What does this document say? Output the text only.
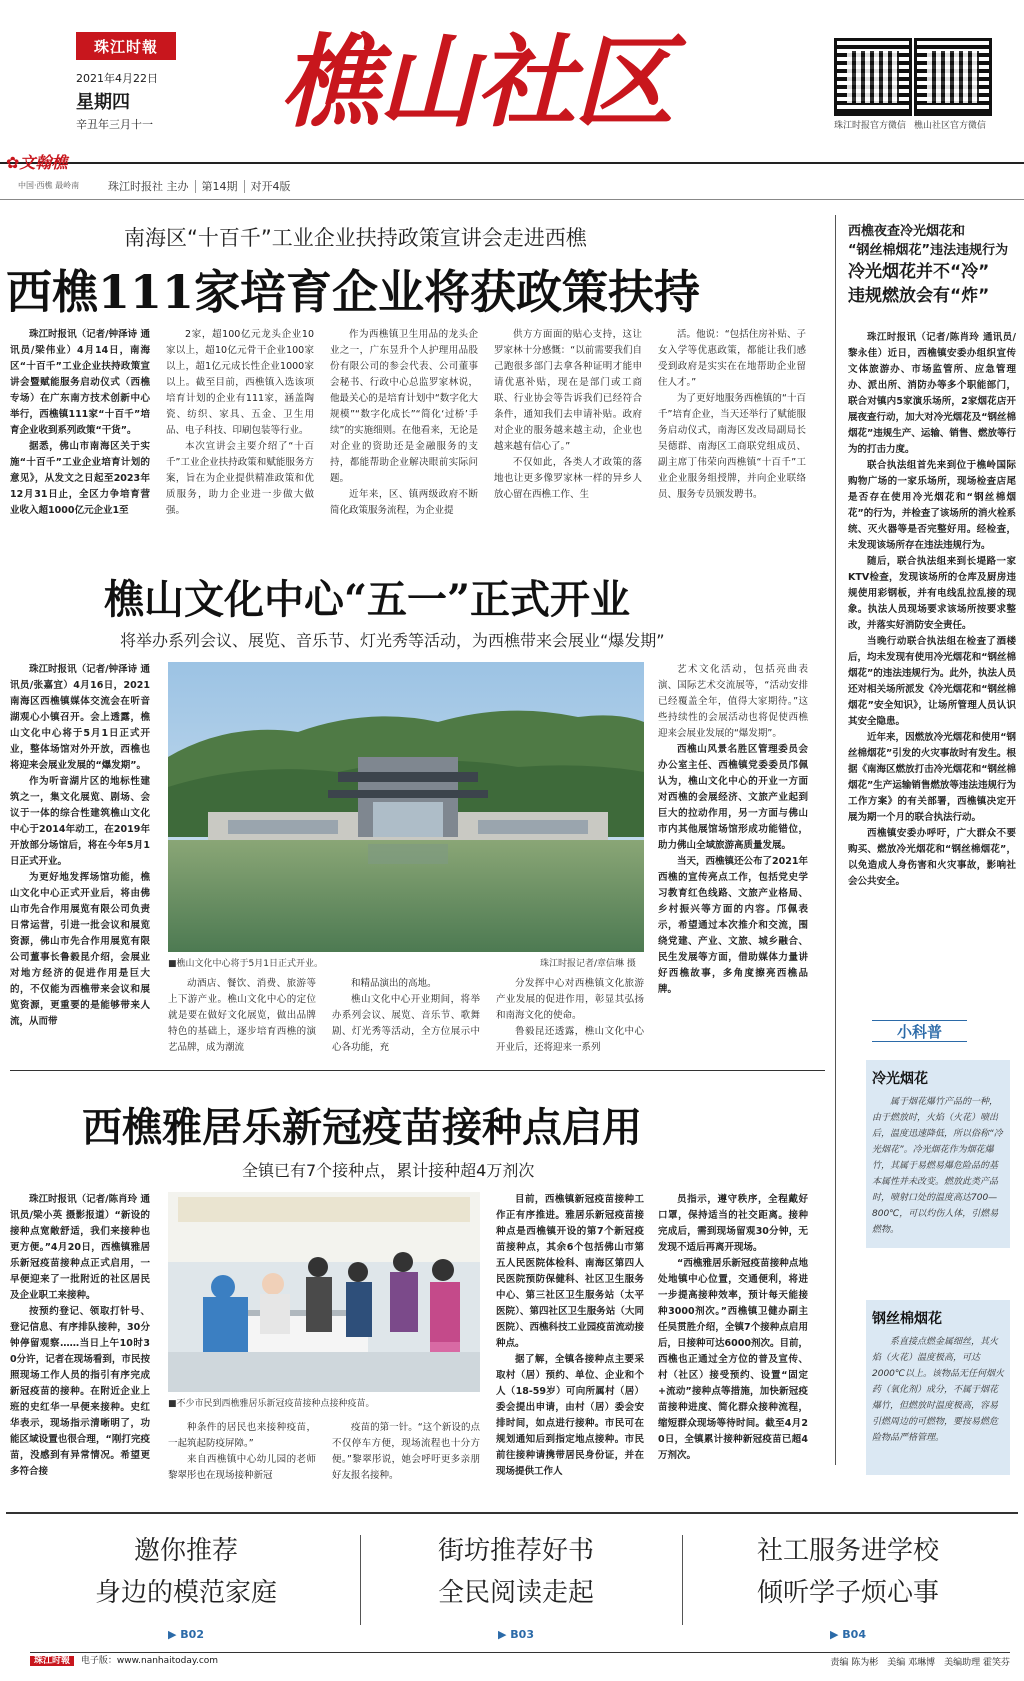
珠江时報
2021年4月22日
星期四
辛丑年三月十一 樵山社区	珠江时报官方微信 樵山社区官方微信
✿文翰樵
中国·西樵 最岭南	珠江时报社 主办 第14期 对开4版
南海区“十百千”工业企业扶持政策宣讲会走进西樵
西樵111家培育企业将获政策扶持

珠江时报讯（记者/钟泽诗 通讯员/梁伟业）4月14日，南海区“十百千”工业企业扶持政策宣讲会暨赋能服务启动仪式（西樵专场）在广东南方技术创新中心举行，西樵镇111家“十百千”培育企业收到系列政策“干货”。

据悉，佛山市南海区关于实施“十百千”工业企业培育计划的意见》，从发文之日起至2023年12月31日止，全区力争培育营业收入超1000亿元企业1至

2家，超100亿元龙头企业10家以上，超10亿元骨干企业100家以上，超1亿元成长性企业1000家以上。截至目前，西樵镇入选该项培育计划的企业有111家，涵盖陶瓷、纺织、家具、五金、卫生用品、电子科技、印刷包装等行业。

本次宣讲会主要介绍了“十百千”工业企业扶持政策和赋能服务方案，旨在为企业提供精准政策和优质服务，助力企业进一步做大做强。

作为西樵镇卫生用品的龙头企业之一，广东昱升个人护理用品股份有限公司的参会代表、公司董事会秘书、行政中心总监罗家林说，他最关心的是培育计划中“数字化大规模”“数字化成长”“简化‘过桥’手续”的实施细则。在他看来，无论是对企业的资助还是金融服务的支持，都能帮助企业解决眼前实际问题。

近年来，区、镇两级政府不断简化政策服务流程，为企业提

供方方面面的贴心支持，这让罗家林十分感慨：“以前需要我们自己跑很多部门去拿各种证明才能申请优惠补贴，现在是部门或工商联、行业协会等告诉我们已经符合条件，通知我们去申请补贴。政府对企业的服务越来越主动，企业也越来越有信心了。”

不仅如此，各类人才政策的落地也让更多像罗家林一样的异乡人放心留在西樵工作、生

活。他说：“包括住房补贴、子女入学等优惠政策，都能让我们感受到政府是实实在在地帮助企业留住人才。”

为了更好地服务西樵镇的“十百千”培育企业，当天还举行了赋能服务启动仪式，南海区发改局副局长吴德群、南海区工商联党组成员、副主席丁伟荣向西樵镇“十百千”工业企业服务组授牌，并向企业联络员、服务专员颁发聘书。

西樵夜查冷光烟花和
“钢丝棉烟花”违法违规行为
冷光烟花并不“冷”
违规燃放会有“炸”

珠江时报讯（记者/陈肖玲 通讯员/黎永佳）近日，西樵镇安委办组织宣传文体旅游办、市场监管所、应急管理办、派出所、消防办等多个职能部门，联合对镇内5家演乐场所，2家烟花店开展夜查行动，加大对冷光烟花及“钢丝棉烟花”违规生产、运输、销售、燃放等行为的打击力度。

联合执法组首先来到位于樵岭国际购物广场的一家乐场所，现场检查店尾是否存在使用冷光烟花和“钢丝棉烟花”的行为，并检查了该场所的消火栓系统、灭火器等是否完整好用。经检查，未发现该场所存在违法违规行为。

随后，联合执法组来到长堤路一家KTV检查，发现该场所的仓库及厨房违规使用彩钢板，并有电线乱拉乱接的现象。执法人员现场要求该场所按要求整改，并落实好消防安全责任。

当晚行动联合执法组在检查了酒楼后，均未发现有使用冷光烟花和“钢丝棉烟花”的违法违规行为。此外，执法人员还对相关场所派发《冷光烟花和“钢丝棉烟花”安全知识》，让场所管理人员认识其安全隐患。

近年来，因燃放冷光烟花和使用“钢丝棉烟花”引发的火灾事故时有发生。根据《南海区燃放打击冷光烟花和“钢丝棉烟花”生产运输销售燃放等违法违规行为工作方案》的有关部署，西樵镇决定开展为期一个月的联合执法行动。

西樵镇安委办呼吁，广大群众不要购买、燃放冷光烟花和“钢丝棉烟花”，以免造成人身伤害和火灾事故，影响社会公共安全。

小科普
冷光烟花
属于烟花爆竹产品的一种，由于燃放时，火焰（火花）喷出后，温度迅速降低，所以俗称“冷光烟花”。冷光烟花作为烟花爆竹，其属于易燃易爆危险品的基本属性并未改变。燃放此类产品时，喷射口处的温度高达700—800℃，可以灼伤人体，引燃易燃物。
钢丝棉烟花
系直接点燃金属细丝，其火焰（火花）温度极高，可达2000℃以上。该物品无任何烟火药（氧化剂）成分，不属于烟花爆竹，但燃放时温度极高，容易引燃周边的可燃物，要按易燃危险物品严格管理。
樵山文化中心“五一”正式开业
将举办系列会议、展览、音乐节、灯光秀等活动，为西樵带来会展业“爆发期”

珠江时报讯（记者/钟泽诗 通讯员/张嘉宜）4月16日，2021南海区西樵镇媒体交流会在听音湖观心小镇召开。会上透露，樵山文化中心将于5月1日正式开业，整体场馆对外开放，西樵也将迎来会展业发展的“爆发期”。

作为听音湖片区的地标性建筑之一，集文化展览、剧场、会议于一体的综合性建筑樵山文化中心于2014年动工，在2019年开放部分场馆后，将在今年5月1日正式开业。

为更好地发挥场馆功能，樵山文化中心正式开业后，将由佛山市先合作用展览有限公司负责日常运营，引进一批会议和展览资源，佛山市先合作用展览有限公司董事长鲁毅昆介绍，会展业对地方经济的促进作用是巨大的，不仅能为西樵带来会议和展览资源，更重要的是能够带来人流，从而带

■樵山文化中心将于5月1日正式开业。	珠江时报记者/章信琳 摄

动酒店、餐饮、消费、旅游等上下游产业。樵山文化中心的定位就是要在做好文化展览，做出品牌特色的基础上，逐步培育西樵的演艺品牌，成为潮流

和精品演出的高地。

樵山文化中心开业期间，将举办系列会议、展览、音乐节、歌舞剧、灯光秀等活动，全方位展示中心各功能，充

分发挥中心对西樵镇文化旅游产业发展的促进作用，彰显其弘扬和南海文化的使命。

鲁毅昆还透露，樵山文化中心开业后，还将迎来一系列

艺术文化活动，包括亮曲表演、国际艺术交流展等，“活动安排已经覆盖全年，值得大家期待。”这些持续性的会展活动也将促使西樵迎来会展业发展的“爆发期”。

西樵山风景名胜区管理委员会办公室主任、西樵镇党委委员邝佩认为，樵山文化中心的开业一方面对西樵的会展经济、文旅产业起到巨大的拉动作用，另一方面与佛山市内其他展馆场馆形成功能错位，助力佛山全域旅游高质量发展。

当天，西樵镇还公布了2021年西樵的宣传亮点工作，包括党史学习教育红色线路、文旅产业格局、乡村振兴等方面的内容。邝佩表示，希望通过本次推介和交流，围绕党建、产业、文旅、城乡融合、民生发展等方面，借助媒体力量讲好西樵故事，多角度擦亮西樵品牌。

西樵雅居乐新冠疫苗接种点启用
全镇已有7个接种点，累计接种超4万剂次

珠江时报讯（记者/陈肖玲 通讯员/梁小英 摄影报道）“新设的接种点宽敞舒适，我们来接种也更方便。”4月20日，西樵镇雅居乐新冠疫苗接种点正式启用，一早便迎来了一批附近的社区居民及企业职工来接种。

按预约登记、领取打针号、登记信息、有序排队接种，30分钟停留观察……当日上午10时30分许，记者在现场看到，市民按照现场工作人员的指引有序完成新冠疫苗的接种。在附近企业上班的史红华一早便来接种。史红华表示，现场指示清晰明了，功能区域设置也很合理，“刚打完疫苗，没感到有异常情况。希望更多符合接

■不少市民到西樵雅居乐新冠疫苗接种点接种疫苗。

种条件的居民也来接种疫苗，一起筑起防疫屏障。”

来自西樵镇中心幼儿园的老师黎翠彤也在现场接种新冠

疫苗的第一针。“这个新设的点不仅停车方便，现场流程也十分方便。”黎翠彤说，她会呼吁更多亲朋好友报名接种。

目前，西樵镇新冠疫苗接种工作正有序推进。雅居乐新冠疫苗接种点是西樵镇开设的第7个新冠疫苗接种点，其余6个包括佛山市第五人民医院体检科、南海区第四人民医院预防保健科、社区卫生服务中心、第三社区卫生服务站（太平医院）、第四社区卫生服务站（大同医院）、西樵科技工业园疫苗流动接种点。

据了解，全镇各接种点主要采取村（居）预约、单位、企业和个人（18-59岁）可向所属村（居）委会提出申请，由村（居）委会安排时间，如点进行接种。市民可在规划通知后到指定地点接种。市民前往接种请携带居民身份证，并在现场提供工作人

员指示，遵守秩序，全程戴好口罩，保持适当的社交距离。接种完成后，需到现场留观30分钟，无发现不适后再离开现场。

“西樵雅居乐新冠疫苗接种点地处地镇中心位置，交通便利，将进一步提高接种效率，预计每天能接种3000剂次。”西樵镇卫健办副主任吴贯胜介绍，全镇7个接种点启用后，日接种可达6000剂次。目前，西樵也正通过全方位的普及宣传、村（社区）接受预约、设置“固定+流动”接种点等措施，加快新冠疫苗接种进度、简化群众接种流程，缩短群众现场等待时间。截至4月20日，全镇累计接种新冠疫苗已超4万剂次。

邀你推荐
身边的模范家庭
▶ B02
街坊推荐好书
全民阅读走起
▶ B03
社工服务进学校
倾听学子烦心事
▶ B04
珠江时報 电子版：www.nanhaitoday.com	责编 陈为彬　美编 邓琳博　美编助理 霍笑芬
